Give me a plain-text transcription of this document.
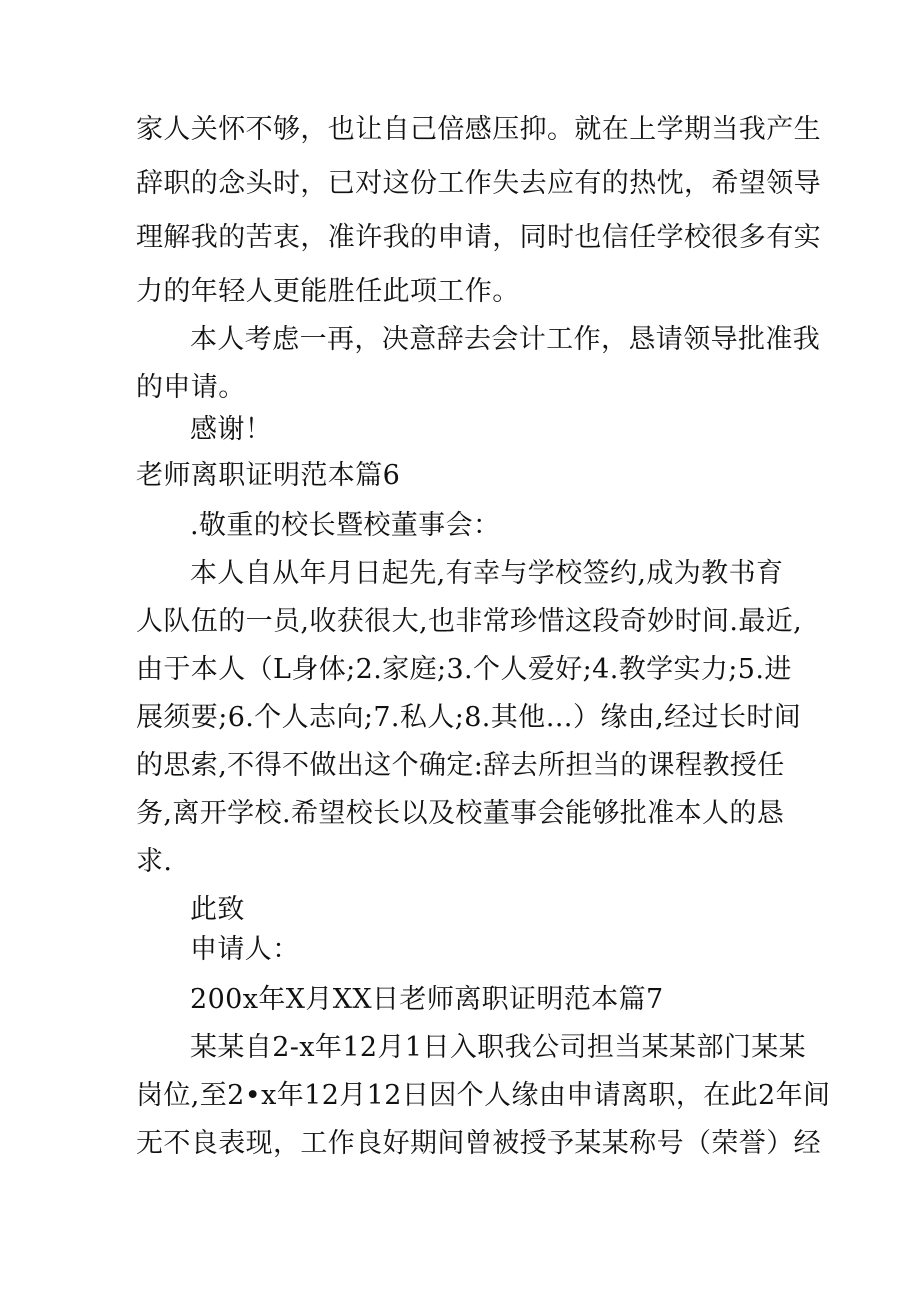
家人关怀不够，也让自己倍感压抑。就在上学期当我产生
辞职的念头时，已对这份工作失去应有的热忱，希望领导
理解我的苦衷，准许我的申请，同时也信任学校很多有实
力的年轻人更能胜任此项工作。
本人考虑一再，决意辞去会计工作，恳请领导批准我
的申请。
感谢！
老师离职证明范本篇6
.敬重的校长暨校董事会：
本人自从年月日起先,有幸与学校签约,成为教书育
人队伍的一员,收获很大,也非常珍惜这段奇妙时间.最近,
由于本人（L身体;2.家庭;3.个人爱好;4.教学实力;5.进
展须要;6.个人志向;7.私人;8.其他…）缘由,经过长时间
的思索,不得不做出这个确定:辞去所担当的课程教授任
务,离开学校.希望校长以及校董事会能够批准本人的恳
求.
此致
申请人：
200x年X月XX日老师离职证明范本篇7
某某自2-x年12月1日入职我公司担当某某部门某某
岗位,至2•x年12月12日因个人缘由申请离职，在此2年间
无不良表现，工作良好期间曾被授予某某称号（荣誉）经
